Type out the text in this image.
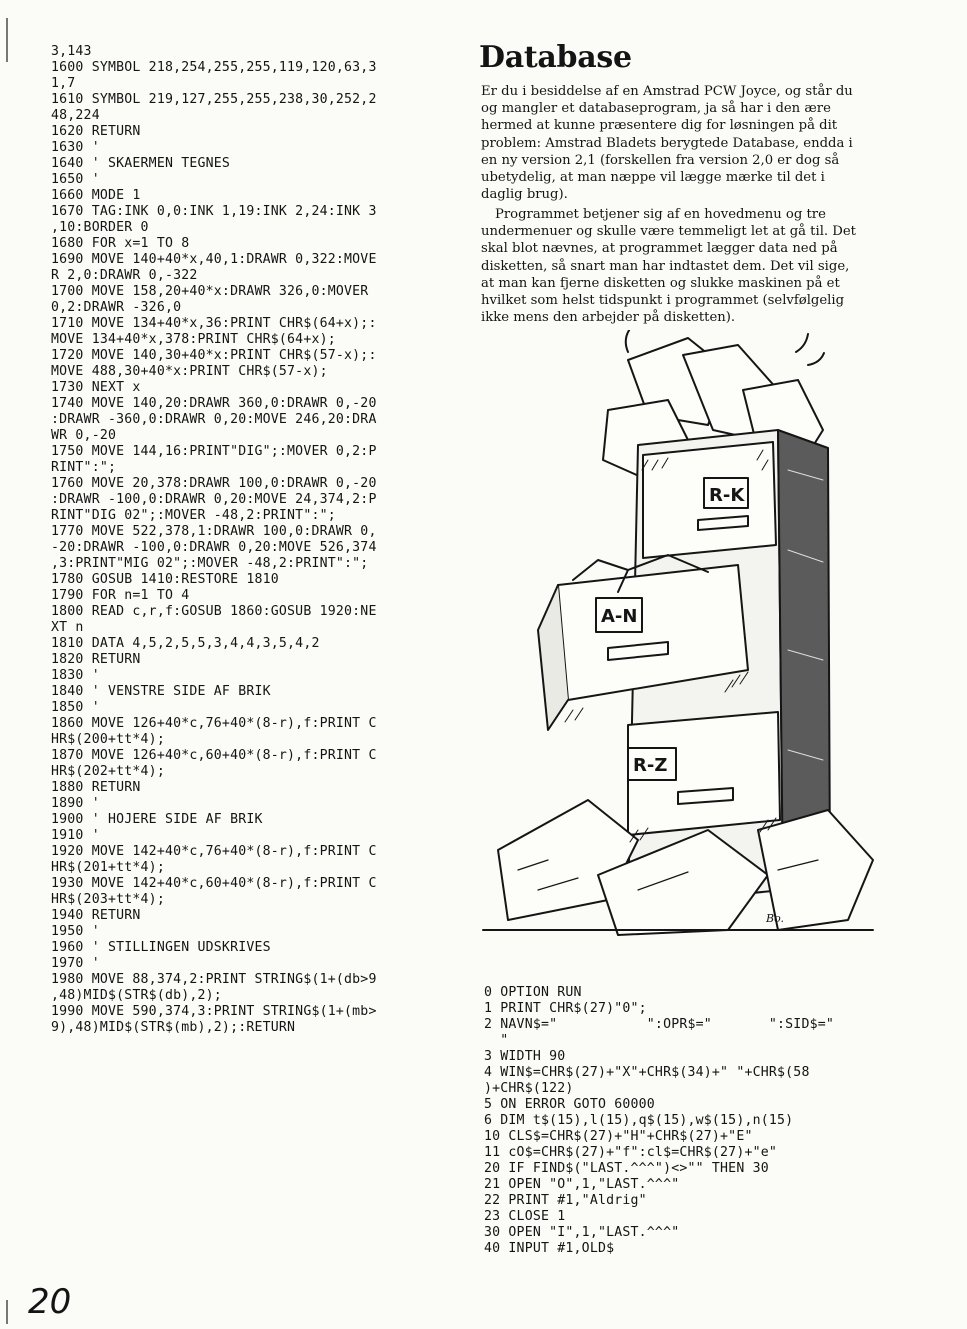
3,143
1600 SYMBOL 218,254,255,255,119,120,63,3
1,7
1610 SYMBOL 219,127,255,255,238,30,252,2
48,224
1620 RETURN
1630 '
1640 ' SKAERMEN TEGNES
1650 '
1660 MODE 1
1670 TAG:INK 0,0:INK 1,19:INK 2,24:INK 3
,10:BORDER 0
1680 FOR x=1 TO 8
1690 MOVE 140+40*x,40,1:DRAWR 0,322:MOVE
R 2,0:DRAWR 0,-322
1700 MOVE 158,20+40*x:DRAWR 326,0:MOVER
0,2:DRAWR -326,0
1710 MOVE 134+40*x,36:PRINT CHR$(64+x);:
MOVE 134+40*x,378:PRINT CHR$(64+x);
1720 MOVE 140,30+40*x:PRINT CHR$(57-x);:
MOVE 488,30+40*x:PRINT CHR$(57-x);
1730 NEXT x
1740 MOVE 140,20:DRAWR 360,0:DRAWR 0,-20
:DRAWR -360,0:DRAWR 0,20:MOVE 246,20:DRA
WR 0,-20
1750 MOVE 144,16:PRINT"DIG";:MOVER 0,2:P
RINT":";
1760 MOVE 20,378:DRAWR 100,0:DRAWR 0,-20
:DRAWR -100,0:DRAWR 0,20:MOVE 24,374,2:P
RINT"DIG 02";:MOVER -48,2:PRINT":";
1770 MOVE 522,378,1:DRAWR 100,0:DRAWR 0,
-20:DRAWR -100,0:DRAWR 0,20:MOVE 526,374
,3:PRINT"MIG 02";:MOVER -48,2:PRINT":";
1780 GOSUB 1410:RESTORE 1810
1790 FOR n=1 TO 4
1800 READ c,r,f:GOSUB 1860:GOSUB 1920:NE
XT n
1810 DATA 4,5,2,5,5,3,4,4,3,5,4,2
1820 RETURN
1830 '
1840 ' VENSTRE SIDE AF BRIK
1850 '
1860 MOVE 126+40*c,76+40*(8-r),f:PRINT C
HR$(200+tt*4);
1870 MOVE 126+40*c,60+40*(8-r),f:PRINT C
HR$(202+tt*4);
1880 RETURN
1890 '
1900 ' HOJERE SIDE AF BRIK
1910 '
1920 MOVE 142+40*c,76+40*(8-r),f:PRINT C
HR$(201+tt*4);
1930 MOVE 142+40*c,60+40*(8-r),f:PRINT C
HR$(203+tt*4);
1940 RETURN
1950 '
1960 ' STILLINGEN UDSKRIVES
1970 '
1980 MOVE 88,374,2:PRINT STRING$(1+(db>9
,48)MID$(STR$(db),2);
1990 MOVE 590,374,3:PRINT STRING$(1+(mb>
9),48)MID$(STR$(mb),2);:RETURN
Database

Er du i besiddelse af en Amstrad PCW Joyce, og står du og mangler et databaseprogram, ja så har i den ære hermed at kunne præsentere dig for løsningen på dit problem: Amstrad Bladets berygtede Database, endda i en ny version 2,1 (forskellen fra version 2,0 er dog så ubetydelig, at man næppe vil lægge mærke til det i daglig brug).

Programmet betjener sig af en hovedmenu og tre undermenuer og skulle være temmeligt let at gå til. Det skal blot nævnes, at programmet lægger data ned på disketten, så snart man har indtastet dem. Det vil sige, at man kan fjerne disketten og slukke maskinen på et hvilket som helst tidspunkt i programmet (selvfølgelig ikke mens den arbejder på disketten).

R-K
A-N
R-Z
Bo.
0 OPTION RUN
1 PRINT CHR$(27)"0";
2 NAVN$="           ":OPR$="       ":SID$="
"
3 WIDTH 90
4 WIN$=CHR$(27)+"X"+CHR$(34)+" "+CHR$(58
)+CHR$(122)
5 ON ERROR GOTO 60000
6 DIM t$(15),l(15),q$(15),w$(15),n(15)
10 CLS$=CHR$(27)+"H"+CHR$(27)+"E"
11 cO$=CHR$(27)+"f":cl$=CHR$(27)+"e"
20 IF FIND$("LAST.^^^")<>"" THEN 30
21 OPEN "O",1,"LAST.^^^"
22 PRINT #1,"Aldrig"
23 CLOSE 1
30 OPEN "I",1,"LAST.^^^"
40 INPUT #1,OLD$
20
